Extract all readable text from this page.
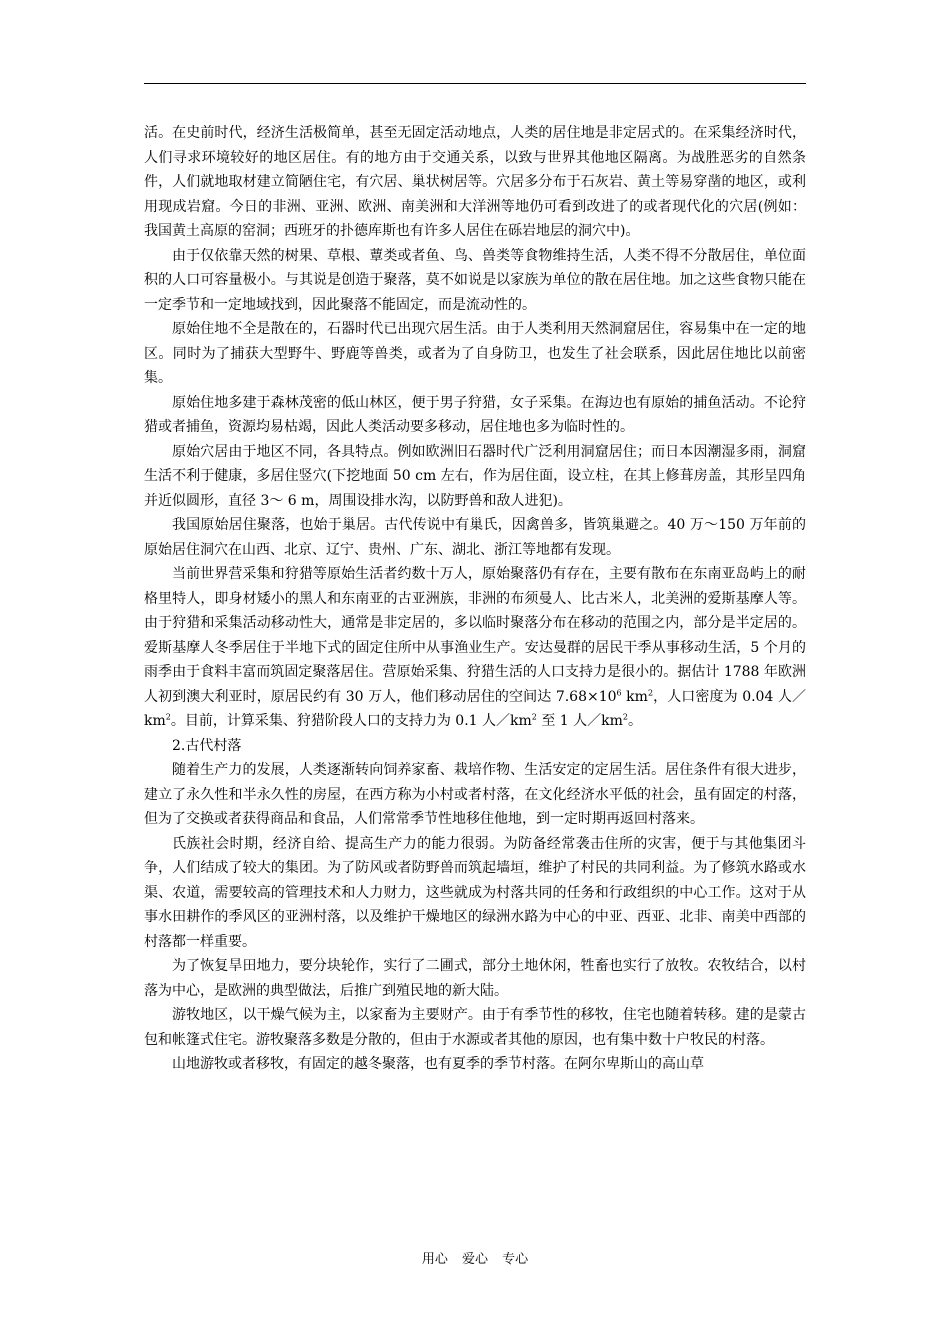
活。在史前时代，经济生活极简单，甚至无固定活动地点，人类的居住地是非定居式的。在采集经济时代，人们寻求环境较好的地区居住。有的地方由于交通关系，以致与世界其他地区隔离。为战胜恶劣的自然条件，人们就地取材建立简陋住宅，有穴居、巢状树居等。穴居多分布于石灰岩、黄土等易穿凿的地区，或利用现成岩窟。今日的非洲、亚洲、欧洲、南美洲和大洋洲等地仍可看到改进了的或者现代化的穴居(例如：我国黄土高原的窑洞；西班牙的扑德库斯也有许多人居住在砾岩地层的洞穴中)。

由于仅依靠天然的树果、草根、蕈类或者鱼、鸟、兽类等食物维持生活，人类不得不分散居住，单位面积的人口可容量极小。与其说是创造于聚落，莫不如说是以家族为单位的散在居住地。加之这些食物只能在一定季节和一定地域找到，因此聚落不能固定，而是流动性的。

原始住地不全是散在的，石器时代已出现穴居生活。由于人类利用天然洞窟居住，容易集中在一定的地区。同时为了捕获大型野牛、野鹿等兽类，或者为了自身防卫，也发生了社会联系，因此居住地比以前密集。

原始住地多建于森林茂密的低山林区，便于男子狩猎，女子采集。在海边也有原始的捕鱼活动。不论狩猎或者捕鱼，资源均易枯竭，因此人类活动要多移动，居住地也多为临时性的。

原始穴居由于地区不同，各具特点。例如欧洲旧石器时代广泛利用洞窟居住；而日本因潮湿多雨，洞窟生活不利于健康，多居住竖穴(下挖地面 50 cm 左右，作为居住面，设立柱，在其上修葺房盖，其形呈四角并近似圆形，直径 3～ 6 m，周围设排水沟，以防野兽和敌人进犯)。

我国原始居住聚落，也始于巢居。古代传说中有巢氏，因禽兽多，皆筑巢避之。40 万～150 万年前的原始居住洞穴在山西、北京、辽宁、贵州、广东、湖北、浙江等地都有发现。

当前世界营采集和狩猎等原始生活者约数十万人，原始聚落仍有存在，主要有散布在东南亚岛屿上的耐格里特人，即身材矮小的黑人和东南亚的古亚洲族，非洲的布须曼人、比古米人，北美洲的爱斯基摩人等。由于狩猎和采集活动移动性大，通常是非定居的，多以临时聚落分布在移动的范围之内，部分是半定居的。爱斯基摩人冬季居住于半地下式的固定住所中从事渔业生产。安达曼群的居民干季从事移动生活，5 个月的雨季由于食料丰富而筑固定聚落居住。营原始采集、狩猎生活的人口支持力是很小的。据估计 1788 年欧洲人初到澳大利亚时，原居民约有 30 万人，他们移动居住的空间达 $7.68\times 10^6$ $km^2$，人口密度为 0.04 人$/km^2$。目前，计算采集、狩猎阶段人口的支持力为 0.1 人$/km^2$ 至 1 人$/km^2$。

2.古代村落

随着生产力的发展，人类逐渐转向饲养家畜、栽培作物、生活安定的定居生活。居住条件有很大进步，建立了永久性和半永久性的房屋，在西方称为小村或者村落，在文化经济水平低的社会，虽有固定的村落，但为了交换或者获得商品和食品，人们常常季节性地移住他地，到一定时期再返回村落来。

氏族社会时期，经济自给、提高生产力的能力很弱。为防备经常袭击住所的灾害，便于与其他集团斗争，人们结成了较大的集团。为了防风或者防野兽而筑起墙垣，维护了村民的共同利益。为了修筑水路或水渠、农道，需要较高的管理技术和人力财力，这些就成为村落共同的任务和行政组织的中心工作。这对于从事水田耕作的季风区的亚洲村落，以及维护干燥地区的绿洲水路为中心的中亚、西亚、北非、南美中西部的村落都一样重要。

为了恢复旱田地力，要分块轮作，实行了二圃式，部分土地休闲，牲畜也实行了放牧。农牧结合，以村落为中心，是欧洲的典型做法，后推广到殖民地的新大陆。

游牧地区，以干燥气候为主，以家畜为主要财产。由于有季节性的移牧，住宅也随着转移。建的是蒙古包和帐篷式住宅。游牧聚落多数是分散的，但由于水源或者其他的原因，也有集中数十户牧民的村落。

山地游牧或者移牧，有固定的越冬聚落，也有夏季的季节村落。在阿尔卑斯山的高山草

用心 爱心 专心
